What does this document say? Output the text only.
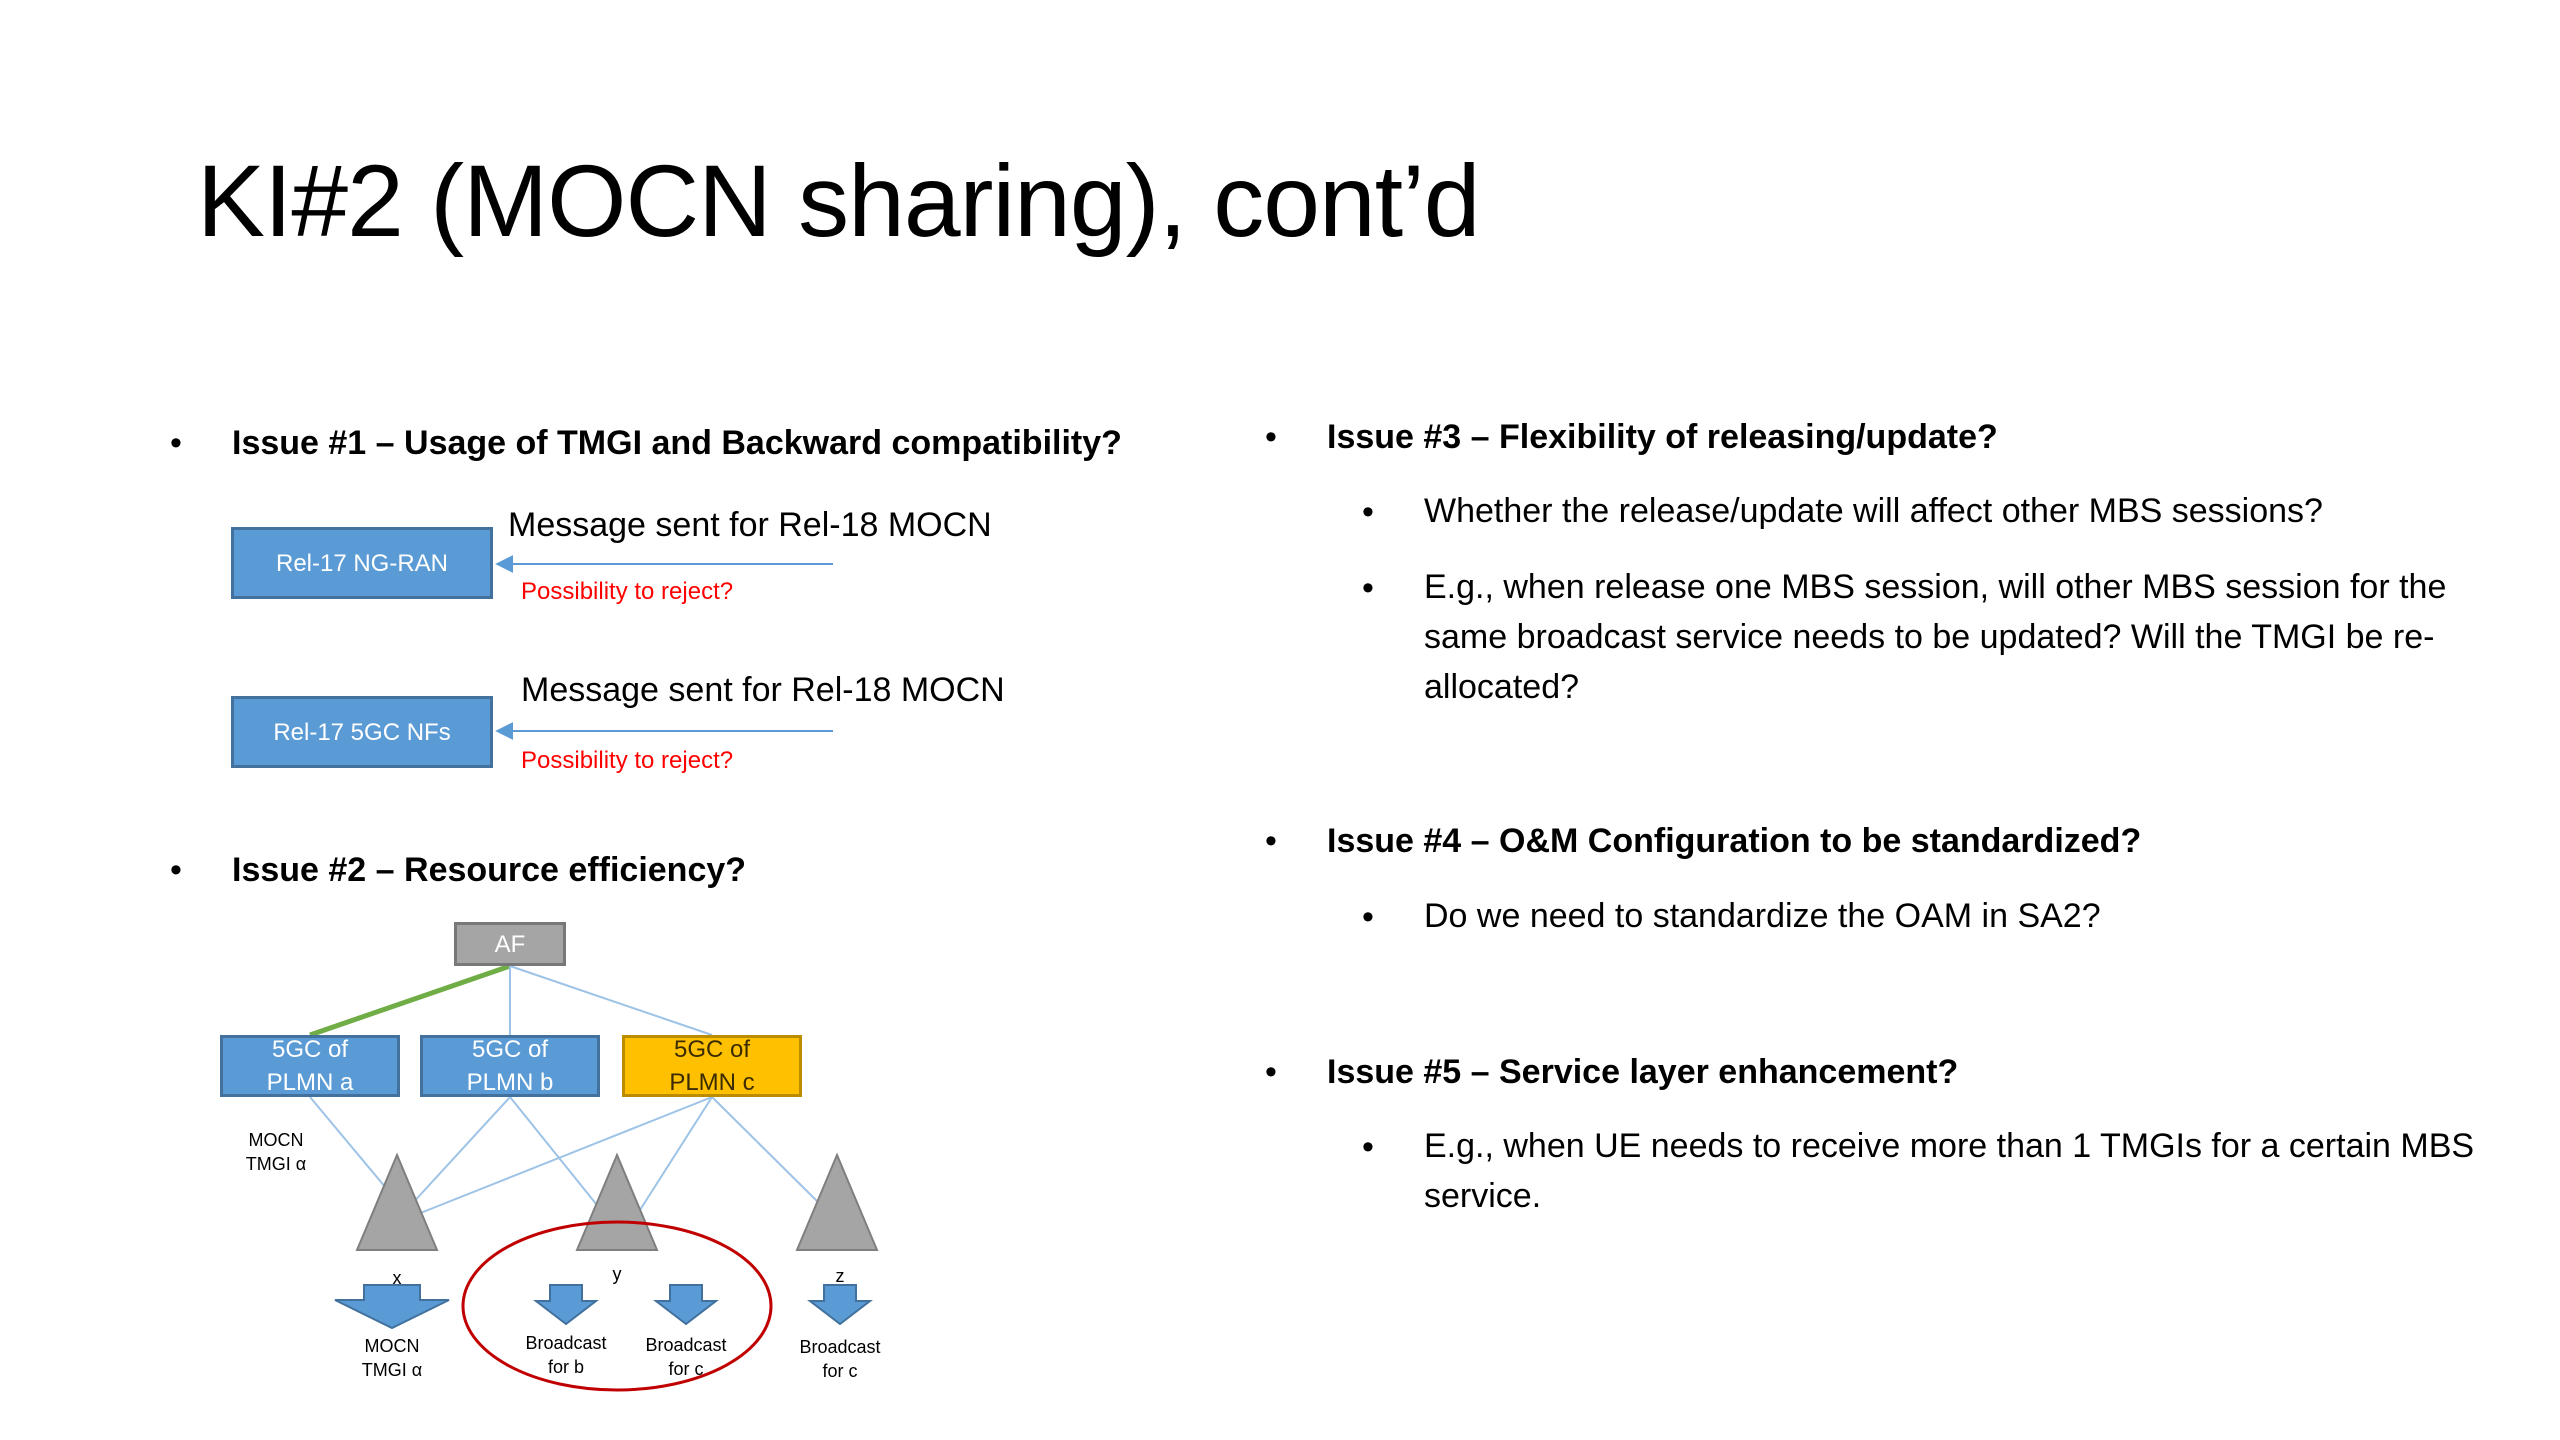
KI#2 (MOCN sharing), cont’d
• Issue #1 – Usage of TMGI and Backward compatibility?
Rel-17 NG-RAN
Message sent for Rel-18 MOCN
Possibility to reject?
Rel-17 5GC NFs
Message sent for Rel-18 MOCN
Possibility to reject?
• Issue #2 – Resource efficiency?
AF
5GC of
PLMN a
5GC of
PLMN b
5GC of
PLMN c
MOCN
TMGI α
x	y	z
MOCN
TMGI α
Broadcast
for b
Broadcast
for c
Broadcast
for c
• Issue #3 – Flexibility of releasing/update?
• Whether the release/update will affect other MBS sessions?
• E.g., when release one MBS session, will other MBS session for the same broadcast service needs to be updated? Will the TMGI be re-allocated?
• Issue #4 – O&M Configuration to be standardized?
• Do we need to standardize the OAM in SA2?
• Issue #5 – Service layer enhancement?
• E.g., when UE needs to receive more than 1 TMGIs for a certain MBS service.
